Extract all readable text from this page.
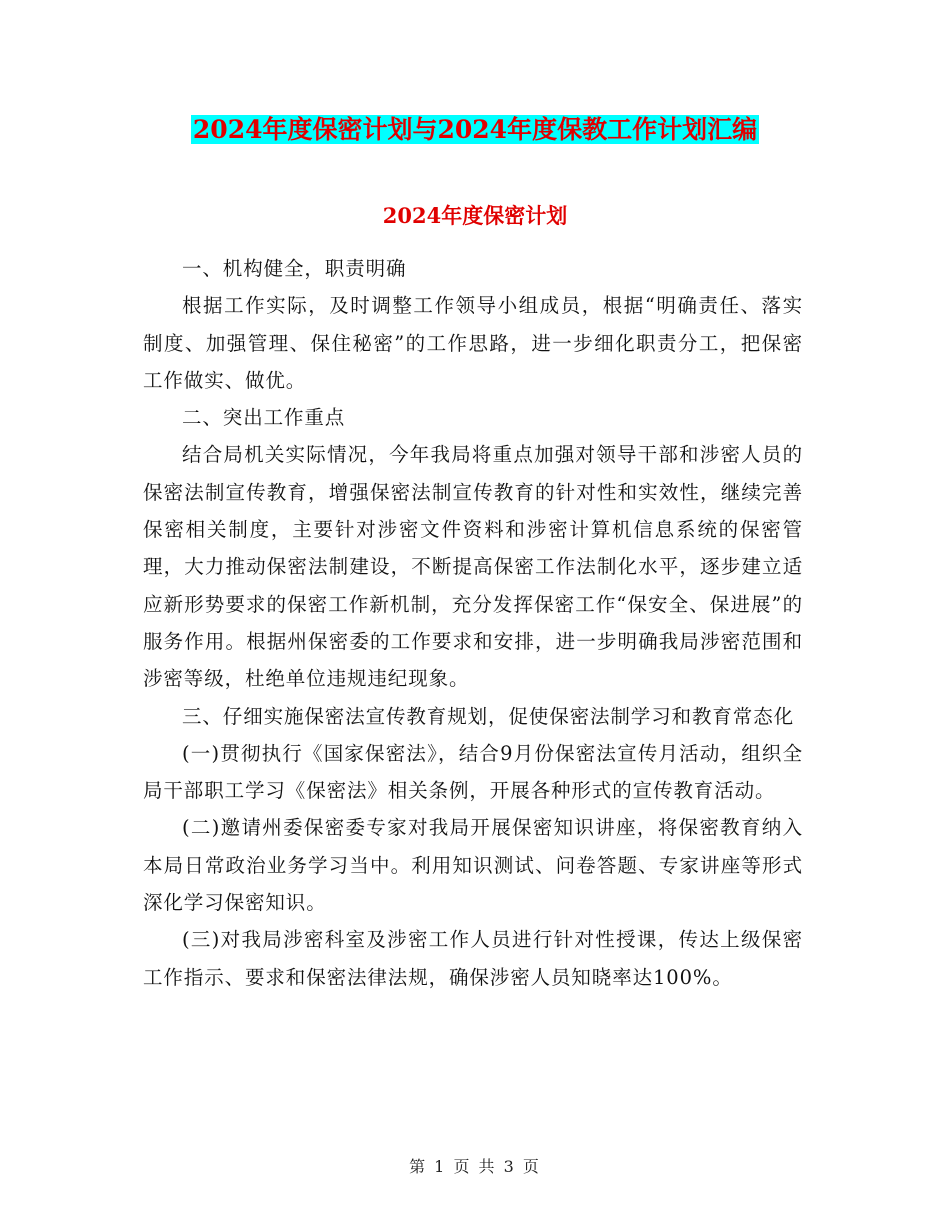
2024年度保密计划与2024年度保教工作计划汇编
2024年度保密计划

一、机构健全，职责明确

根据工作实际，及时调整工作领导小组成员，根据“明确责任、落实制度、加强管理、保住秘密”的工作思路，进一步细化职责分工，把保密工作做实、做优。

二、突出工作重点

结合局机关实际情况，今年我局将重点加强对领导干部和涉密人员的保密法制宣传教育，增强保密法制宣传教育的针对性和实效性，继续完善保密相关制度，主要针对涉密文件资料和涉密计算机信息系统的保密管理，大力推动保密法制建设，不断提高保密工作法制化水平，逐步建立适应新形势要求的保密工作新机制，充分发挥保密工作“保安全、保进展”的服务作用。根据州保密委的工作要求和安排，进一步明确我局涉密范围和涉密等级，杜绝单位违规违纪现象。

三、仔细实施保密法宣传教育规划，促使保密法制学习和教育常态化

(一)贯彻执行《国家保密法》，结合9月份保密法宣传月活动，组织全局干部职工学习《保密法》相关条例，开展各种形式的宣传教育活动。

(二)邀请州委保密委专家对我局开展保密知识讲座，将保密教育纳入本局日常政治业务学习当中。利用知识测试、问卷答题、专家讲座等形式深化学习保密知识。

(三)对我局涉密科室及涉密工作人员进行针对性授课，传达上级保密工作指示、要求和保密法律法规，确保涉密人员知晓率达100%。

第 1 页 共 3 页
